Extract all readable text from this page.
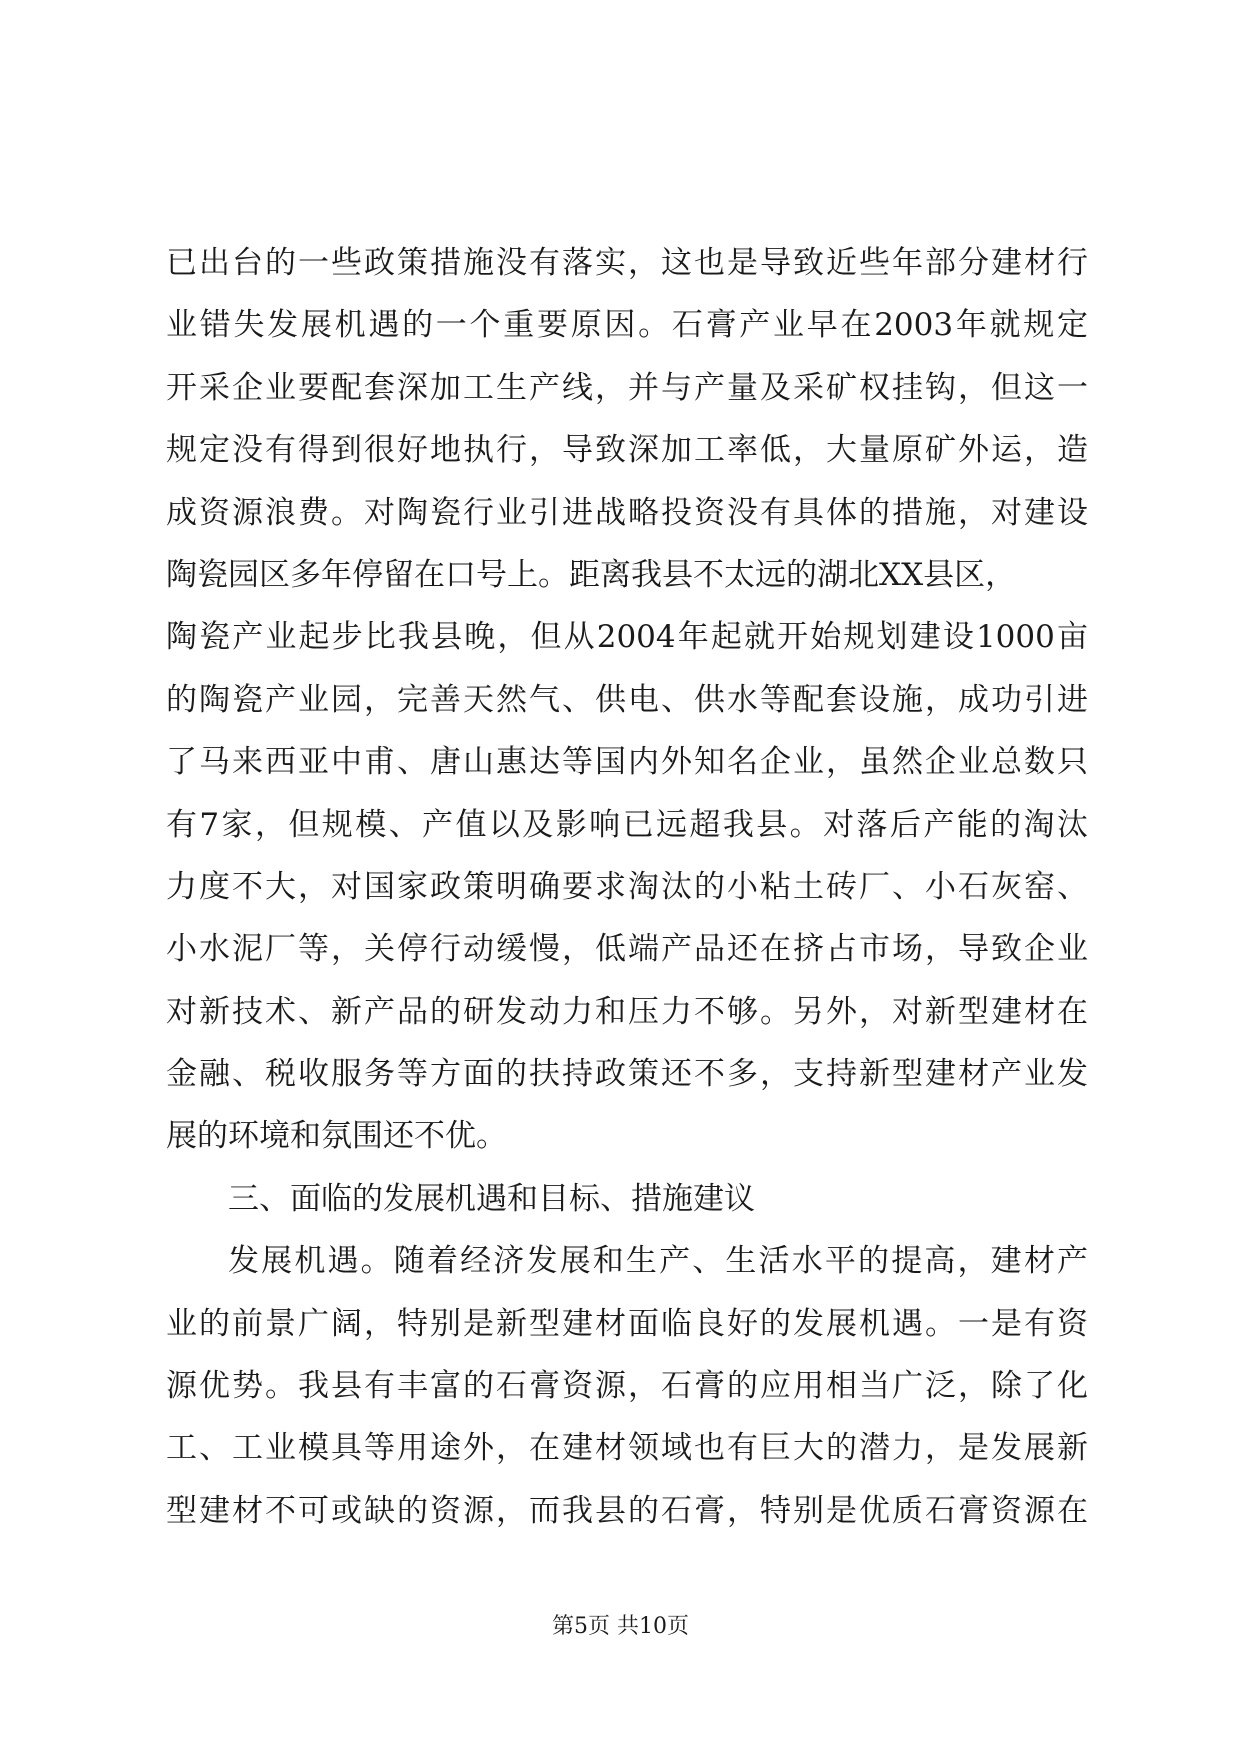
已出台的一些政策措施没有落实，这也是导致近些年部分建材行
业错失发展机遇的一个重要原因。石膏产业早在2003年就规定
开采企业要配套深加工生产线，并与产量及采矿权挂钩，但这一
规定没有得到很好地执行，导致深加工率低，大量原矿外运，造
成资源浪费。对陶瓷行业引进战略投资没有具体的措施，对建设
陶瓷园区多年停留在口号上。距离我县不太远的湖北XX县区，
陶瓷产业起步比我县晚，但从2004年起就开始规划建设1000亩
的陶瓷产业园，完善天然气、供电、供水等配套设施，成功引进
了马来西亚中甫、唐山惠达等国内外知名企业，虽然企业总数只
有7家，但规模、产值以及影响已远超我县。对落后产能的淘汰
力度不大，对国家政策明确要求淘汰的小粘土砖厂、小石灰窑、
小水泥厂等，关停行动缓慢，低端产品还在挤占市场，导致企业
对新技术、新产品的研发动力和压力不够。另外，对新型建材在
金融、税收服务等方面的扶持政策还不多，支持新型建材产业发
展的环境和氛围还不优。
三、面临的发展机遇和目标、措施建议
发展机遇。随着经济发展和生产、生活水平的提高，建材产
业的前景广阔，特别是新型建材面临良好的发展机遇。一是有资
源优势。我县有丰富的石膏资源，石膏的应用相当广泛，除了化
工、工业模具等用途外，在建材领域也有巨大的潜力，是发展新
型建材不可或缺的资源，而我县的石膏，特别是优质石膏资源在
第5页 共10页
